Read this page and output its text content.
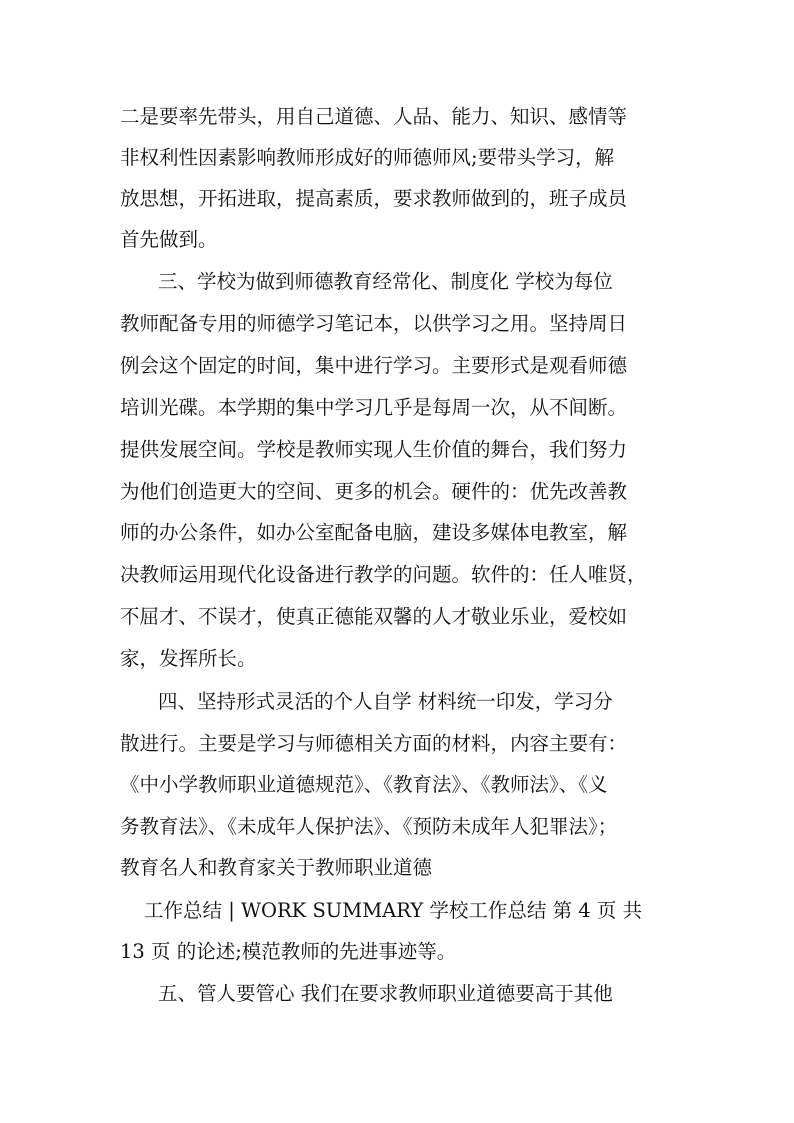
二是要率先带头，用自己道德、人品、能力、知识、感情等
非权利性因素影响教师形成好的师德师风;要带头学习，解
放思想，开拓进取，提高素质，要求教师做到的，班子成员
首先做到。
三、学校为做到师德教育经常化、制度化 学校为每位
教师配备专用的师德学习笔记本，以供学习之用。坚持周日
例会这个固定的时间，集中进行学习。主要形式是观看师德
培训光碟。本学期的集中学习几乎是每周一次，从不间断。
提供发展空间。学校是教师实现人生价值的舞台，我们努力
为他们创造更大的空间、更多的机会。硬件的：优先改善教
师的办公条件，如办公室配备电脑，建设多媒体电教室，解
决教师运用现代化设备进行教学的问题。软件的：任人唯贤，
不屈才、不误才，使真正德能双馨的人才敬业乐业，爱校如
家，发挥所长。
四、坚持形式灵活的个人自学 材料统一印发，学习分
散进行。主要是学习与师德相关方面的材料，内容主要有：
《中小学教师职业道德规范》、《教育法》、《教师法》、《义
务教育法》、《未成年人保护法》、《预防未成年人犯罪法》；
教育名人和教育家关于教师职业道德
工作总结 | WORK SUMMARY 学校工作总结 第 4 页 共
13 页 的论述;模范教师的先进事迹等。
五、管人要管心 我们在要求教师职业道德要高于其他
